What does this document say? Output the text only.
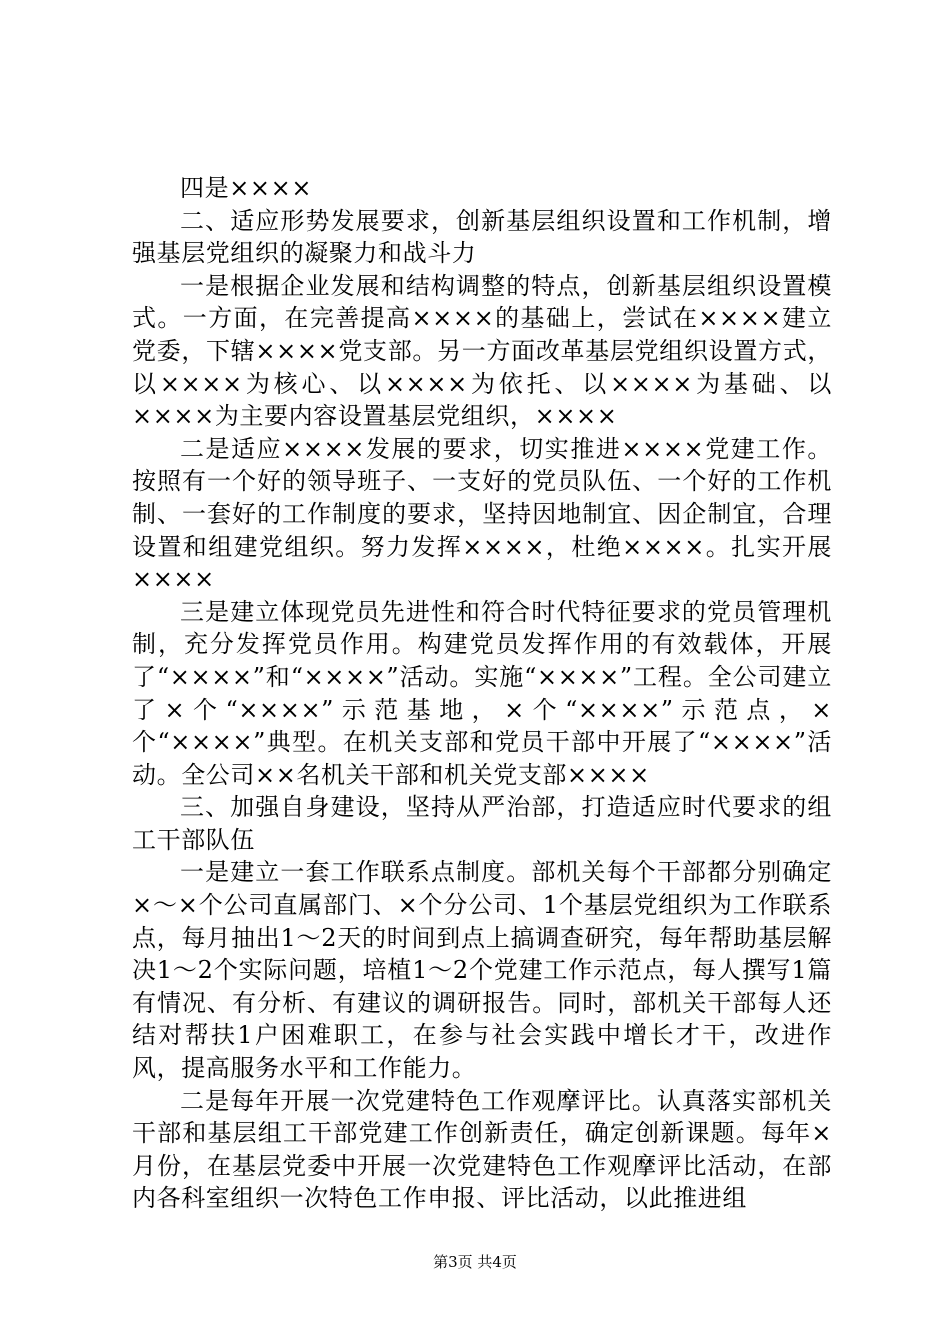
四是××××

二、适应形势发展要求，创新基层组织设置和工作机制，增强基层党组织的凝聚力和战斗力

一是根据企业发展和结构调整的特点，创新基层组织设置模式。一方面，在完善提高××××的基础上，尝试在××××建立党委，下辖××××党支部。另一方面改革基层党组织设置方式，以××××为核心、以××××为依托、以××××为基础、以××××为主要内容设置基层党组织，××××

二是适应××××发展的要求，切实推进××××党建工作。按照有一个好的领导班子、一支好的党员队伍、一个好的工作机制、一套好的工作制度的要求，坚持因地制宜、因企制宜，合理设置和组建党组织。努力发挥××××，杜绝××××。扎实开展××××

三是建立体现党员先进性和符合时代特征要求的党员管理机制，充分发挥党员作用。构建党员发挥作用的有效载体，开展了“××××”和“××××”活动。实施“××××”工程。全公司建立了×个“××××”示范基地，×个“××××”示范点，×个“××××”典型。在机关支部和党员干部中开展了“××××”活动。全公司××名机关干部和机关党支部××××

三、加强自身建设，坚持从严治部，打造适应时代要求的组工干部队伍

一是建立一套工作联系点制度。部机关每个干部都分别确定×～×个公司直属部门、×个分公司、1个基层党组织为工作联系点，每月抽出1～2天的时间到点上搞调查研究，每年帮助基层解决1～2个实际问题，培植1～2个党建工作示范点，每人撰写1篇有情况、有分析、有建议的调研报告。同时，部机关干部每人还结对帮扶1户困难职工，在参与社会实践中增长才干，改进作风，提高服务水平和工作能力。

二是每年开展一次党建特色工作观摩评比。认真落实部机关干部和基层组工干部党建工作创新责任，确定创新课题。每年×月份，在基层党委中开展一次党建特色工作观摩评比活动，在部内各科室组织一次特色工作申报、评比活动，以此推进组

第3页 共4页
